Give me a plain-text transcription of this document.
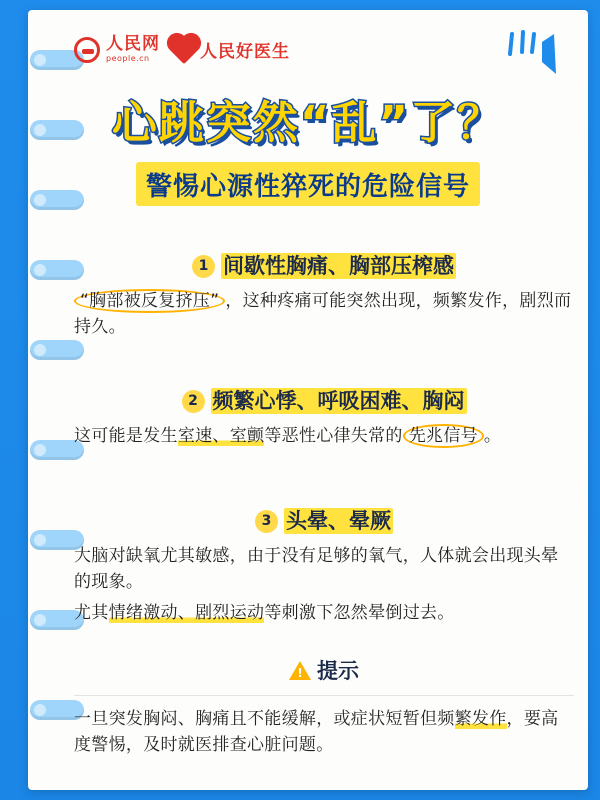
人民网
people.cn	人民好医生
心跳突然“乱”了？
警惕心源性猝死的危险信号
1 间歇性胸痛、胸部压榨感
“胸部被反复挤压” ，这种疼痛可能突然出现，频繁发作，剧烈而持久。
2 频繁心悸、呼吸困难、胸闷
这可能是发生室速、室颤等恶性心律失常的 先兆信号 。
3 头晕、晕厥
大脑对缺氧尤其敏感，由于没有足够的氧气，人体就会出现头晕的现象。
尤其情绪激动、剧烈运动等刺激下忽然晕倒过去。
!
提示
一旦突发胸闷、胸痛且不能缓解，或症状短暂但频繁发作，要高度警惕，及时就医排查心脏问题。
